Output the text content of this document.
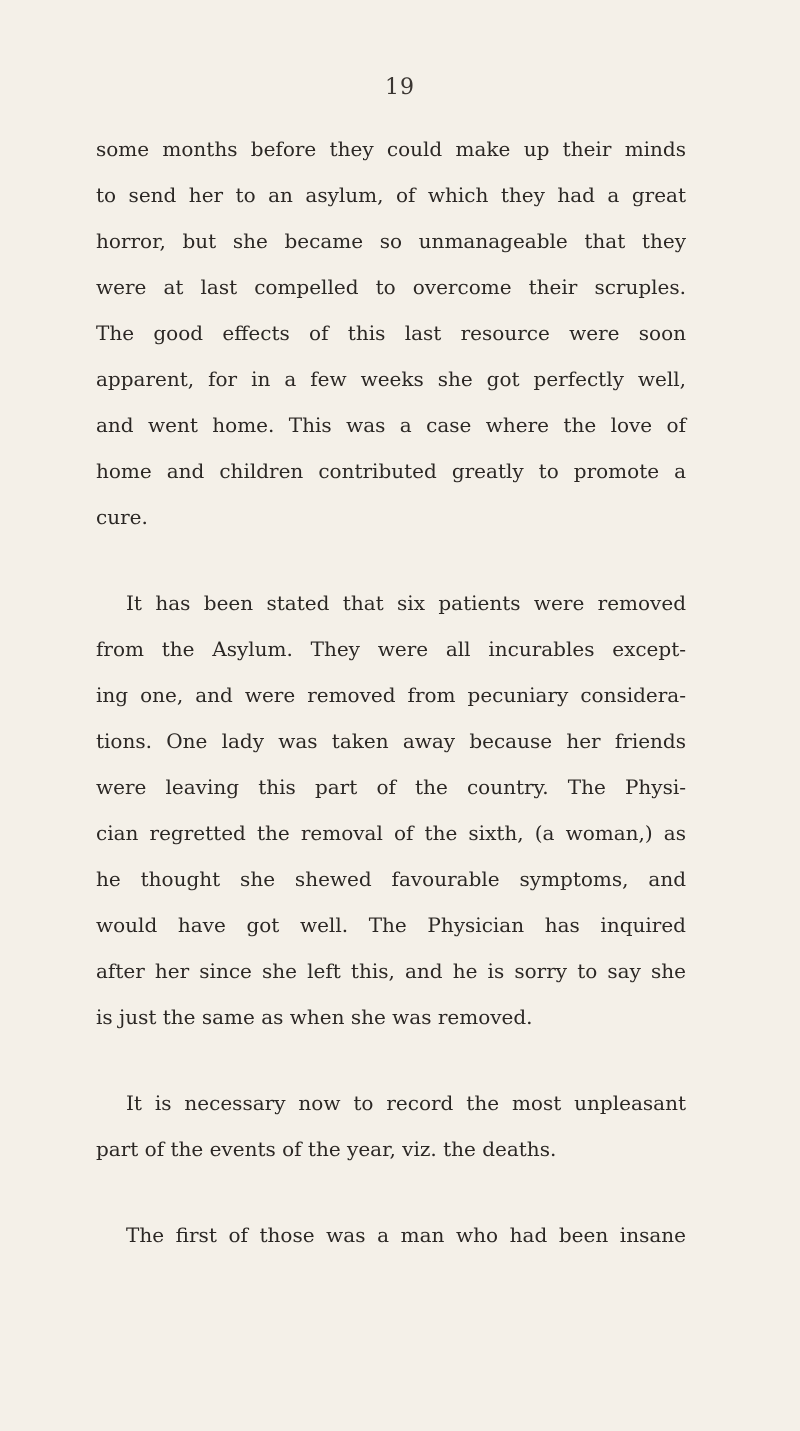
19
some months before they could make up their minds
to send her to an asylum, of which they had a great
horror, but she became so unmanageable that they
were at last compelled to overcome their scruples.
The good effects of this last resource were soon
apparent, for in a few weeks she got perfectly well,
and went home. This was a case where the love of
home and children contributed greatly to promote a
cure.
It has been stated that six patients were removed
from the Asylum. They were all incurables except-
ing one, and were removed from pecuniary considera-
tions. One lady was taken away because her friends
were leaving this part of the country. The Physi-
cian regretted the removal of the sixth, (a woman,) as
he thought she shewed favourable symptoms, and
would have got well. The Physician has inquired
after her since she left this, and he is sorry to say she
is just the same as when she was removed.
It is necessary now to record the most unpleasant
part of the events of the year, viz. the deaths.
The first of those was a man who had been insane
